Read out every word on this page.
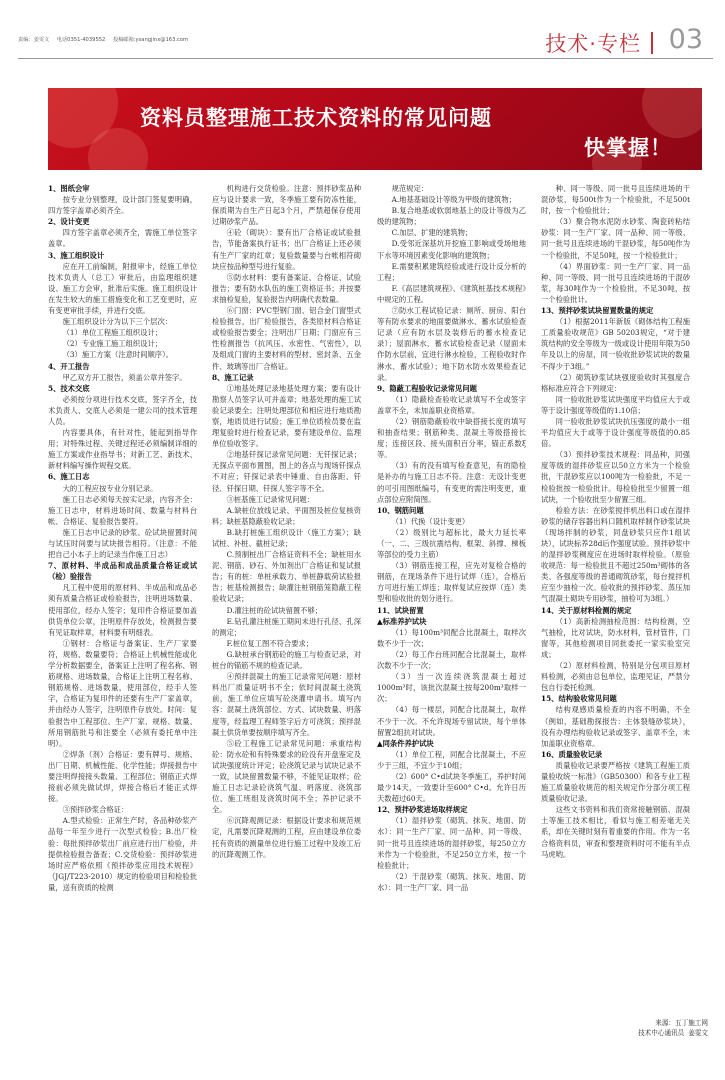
责编：姜雯文 电话0351-4039552 投稿邮箱:ysangjinx@163.com	技术·专栏 03
资料员整理施工技术资料的常见问题
快掌握！

1、图纸会审

按专业分别整理，设计部门签复要明确，四方签字盖章必须齐全。

2、设计变更

四方签字盖章必须齐全，需施工单位签字盖章。

3、施工组织设计

应在开工前编制，附报审卡，经施工单位技术负责人（总工）审批后，由监理组织建设、施工方会审，批准后实施。施工组织设计在发生较大的施工措施变化和工艺变更时，应有变更审批手续，并进行交底。

施工组织设计分为以下三个层次：

（1）单位工程施工组织设计；

（2）专业施工施工组织设计；

（3）施工方案（注意时间顺序）。

4、开工报告

甲乙双方开工报告，须盖公章并签字。

5、技术交底

必须按分项进行技术交底，签字齐全，技术负责人、交底人必须是一建公司的技术管理人员。

内容要具体，有针对性，能起到指导作用；对特殊过程、关键过程还必须编制详细的施工方案或作业指导书；对新工艺、新技术、新材料编写操作规程交底。

6、施工日志

大的工程应按专业分别记录。

施工日志必须每天按实记录，内容齐全：施工日志中，材料进场时间、数量与材料台帐、合格证、复验报告要符。

施工日志中记录的砂浆、砼试块留置时间与试压时间要与试块报告相符。（注意：不能把自己小本子上的记录当作施工日志）

7、原材料、半成品和成品质量合格证或试（检）验报告

凡工程中使用的原材料、半成品和成品必须有质量合格证或检验报告，注明进场数量、使用部位，经办人签字；复印件合格证要加盖供货单位公章，注明原件存放处，检测报告要有见证取样章，材料要有明细表。

①钢材：合格证与备案证、生产厂家要符，规格、数量要符；合格证上机械性能或化学分析数据要全，备案证上注明了程名称、钢筋规格、进场数量，合格证上注明工程名称、钢筋规格、进场数量，使用部位，经手人签字，合格证为复印件的还要有生产厂家盖章，并由经办人签字，注明原件存放处。时间：复验报告中工程部位、生产厂家、规格、数量、所用钢筋批号和注要全（必须有委托单中注明）。

②焊条（剂）合格证：要有牌号、规格、出厂日期、机械性能、化学性能；焊接报告中要注明焊接接头数量、工程部位；钢筋正式焊接前必须先做试焊，焊接合格后才能正式焊接。

③预拌砂浆合格证：

A.型式检验：正常生产时，各品种砂浆产品每一年至少进行一次型式检验；B.出厂检验：每批预拌砂浆出厂前应进行出厂检验，并提供检验报告备查；C.交货检验：预拌砂浆进场时应严格依照《预拌砂浆应用技术规程》（JGJ/T223-2010）规定的检验项目和检验批量，送有资质的检测

机构进行交货检验。注意：预拌砂浆品种应与设计要求一致，冬季施工要有防冻性能，保质期为自生产日起3个月，严禁超保存使用过期砂浆产品。

④砼（砌块）：要有出厂合格证或试验报告，节能备案执行证书；出厂合格证上还必须有生产厂家的红章；复验数量要与台帐相符砌块应按品种型号进行复验。

⑤防水材料：要有备案证、合格证、试验报告；要有防水队伍的施工资格证书；并按要求抽检复验，复验报告内明确代表数量。

⑥门窗：PVC型钢门窗、铝合金门窗型式检验报告，出厂检验报告，各类原材料合格证或检验报告要全；注明出厂日期；门窗应有三性检测报告（抗风压、水密性、气密性），以及组成门窗的主要材料的型材、密封条、五金件、玻璃等出厂合格证。

8、施工记录

①地基处理记录地基处理方案；要有设计勘察人员签字认可并盖章；地基处理的施工试验记录要全；注明处理部位和相应进行地质勘察，地质员进行试验；施工单位质检员要在监理复验时进行检查记录，要有建设单位、监理单位验收签字。

②地基钎探记录常见问题：无钎探记录；无探点平面布置图，图上的各点与现场钎探点不对应；钎探记录表中锤重、自由落距、钎径、钎探日期、钎探人签字等不全。

③桩基施工记录常见问题：

A.缺桩位放线记录、平面图及桩位复核资料；缺桩基隐蔽验收记录；

B.缺打桩施工组织设计（施工方案）；缺试桩、补桩、截桩记录；

C.预制桩出厂合格证资料不全；缺桩用水泥、钢筋、砂石、外加剂出厂合格证和复试报告；有的桩：单桩承载力、单桩静载荷试验报告；桩基检测报告；缺灌注桩钢筋笼隐蔽工程验收记录；

D.灌注桩的砼试块留置不够；

E.钻孔灌注桩施工期间未进行孔径、孔深的测定；

F.桩位复工图不符合要求；

G.缺桩承台钢筋砼的施工与检查记录，对桩台的锚筋不规的检查记录。

④预拌混凝土的施工记录常见问题：原材料出厂质量证明书不全；依时间混凝土浇筑前，施工单位应填写砼浇灌申请书。填写内容：混凝土浇筑部位、方式、试块数量、坍落度等，经监理工程师签字后方可浇筑；预拌混凝土供货单要按顺序填写齐全。

⑤砼工程施工记录常见问题：承重结构砼：防水砼和有特殊要求的砼没有开盘鉴定及试块强度统计评定；砼浇筑记录与试块记录不一致，试块留置数量不够，不能见证取样；砼施工日志记录砼浇筑气温、坍落度、浇筑部位、施工班组及浇筑时间不全；养护记录不全。

⑥沉降观测记录：根据设计要求和规范规定，凡需要沉降观测的工程，应由建设单位委托有资质的测量单位进行施工过程中及竣工后的沉降观测工作。

规范规定：

A.地基基础设计等级为甲级的建筑物；

B.复合地基或软弱地基上的设计等级为乙级的建筑物；

C.加层、扩建的建筑物；

D.受邻近深基坑开挖施工影响或受场地地下水等环境因素变化影响的建筑物；

E.需要积累建筑经验或进行设计反分析的工程；

F.《高层建筑规程》、《建筑桩基技术规程》中规定的工程。

⑦防水工程试验记录：厕所、厨房、阳台等有防水要求的地面要做淋水、蓄水试验检查记录（应有防水层及装修后的蓄水检查记录）；屋面淋水、蓄水试验检查记录（屋面未作防水层前，宜进行淋水检验，工程验收时作淋水、蓄水试验）；地下防水防水效果检查记录。

9、隐蔽工程验收记录常见问题

（1）隐蔽检查验收记录填写不全或签字盖章不全，未加盖职业资格章。

（2）钢筋隐蔽验收中缺搭接长度的填写和抽查结果；钢筋种类、混凝土等级搭接长度；连接区段、接头面积百分率，锚正系数ξ等。

（3）有的没有填写检查意见，有的隐检是补办的与施工日志不符。注意：无设计变更的可引用图纸编号，有变更的需注明变更，重点部位应附简图。

10、钢筋问题

（1）代换（设计变更）

（2）级别比与超标比，最大力延长率（一、二、三级抗震结构、框架、斜撑、梯板等部位的受力主筋）

（3）钢筋连接工程，应先对复检合格的钢筋，在现场条件下进行试焊（连），合格后方可进行施工焊连；取样复试应按焊（连）类型和验收批的划分进行。

11、试块留置

▲标准养护试块

（1）每100m³同配合比混凝土，取样次数不少于一次；

（2）每工作台班同配合比混凝土，取样次数不少于一次；

（3）当一次连续浇筑混凝土超过1000m³时，该批次混凝土按每200m³取样一次；

（4）每一楼层，同配合比混凝土，取样不少于一次。不允许现场专留试块，每个单体留置2组抗对试块。

▲同条件养护试块

（1）单位工程，同配合比混凝土，不应少于三组，不宜少于10组；

（2）600° C•d试块冬季施工，养护时间最少14天，一致要计至600° C•d。允许日历天数超过60天。

12、预拌砂浆进场取样规定

（1）湿拌砂浆（砌筑、抹灰、地面、防水）：同一生产厂家、同一品种、同一等级、同一批号且连续进场的湿拌砂浆，每250立方米作为一个检验批，不足250立方米，按一个检验批计；

（2）干混砂浆（砌筑、抹灰、地面、防水）：同一生产厂家、同一品

种、同一等级、同一批号且连续进场的干混砂浆，每500t作为一个检验批，不足500t时，按一个检验批计；

（3）聚合物水泥防水砂浆、陶瓷砖粘结砂浆：同一生产厂家、同一品种、同一等级、同一批号且连续进场的干混砂浆，每50吨作为一个检验批，不足50吨，按一个检验批计；

（4）界面砂浆：同一生产厂家、同一品种、同一等级、同一批号且连续进场的干混砂浆，每30吨作为一个检验批，不足30吨，按一个检验批计。

13、预拌砂浆试块留置数量的规定

（1）根据2011年新版《砌体结构工程施工质量验收规范》GB 50203规定，“对于建筑结构的安全等级为一级或设计使用年限为50年及以上的房屋，同一验收批砂浆试块的数量不得少于3组。”

（2）砌筑砂浆试块强度验收时其强度合格标准应符合下列规定：

同一验收批砂浆试块强度平均值应大于或等于设计强度等级值的1.10倍；

同一验收批砂浆试块抗压强度的最小一组平均值应大于或等于设计强度等级值的0.85倍。

（3）预拌砂浆技术规程：同品种，同强度等级的湿拌砂浆应以50立方米为一个检验批，干混砂浆应以100吨为一检验批，不足一检验批按一检验批计。每检验批至少留置一组试块，一个验收批至少留置三组。

检验方法：在砂浆搅拌机出料口或在湿拌砂浆的储存容器出料口随机取样制作砂浆试块（现场拌制的砂浆，同盘砂浆只应作1组试块），试块标养28d后作强度试验。预拌砂浆中的湿拌砂浆稠度应在进场时取样检验。（原验收规范：每一检验批且不超过250m³砌体的各类、各强度等级的普通砌筑砂浆，每台搅拌机应至少抽检一次。验收批的预拌砂浆、蒸压加气混凝土砌块专用砂浆，抽检可为3组。）

14、关于原材料检测的规定

（1）高新检测抽检范围：结构检测，空气抽检，比对试块，防水材料，管材管件，门窗等，其他检测项目同批委托一家实验室完成；

（2）原材料检测，特别是分包项目原材料检测，必须由总包单位，监理见证，严禁分包自行委托检测。

15、结构验收常见问题

结构观感质量检查的内容不明确，不全（例如，基础勘探报告：主体裂缝砂浆块），没有办理结构验收记录或签字、盖章不全，未加盖职业资格章。

16、质量验收记录

质量验收记录要严格按《建筑工程施工质量验收统一标准》（GB50300）和各专业工程施工质量验收规范的相关规定作分部分项工程质量验收记录。

这些文书资料和我们资常接触钢筋、混凝土等施工技术相比，看似与施工相差毫无关系，却在关键时刻有着重要的作用。作为一名合格资料员，审查和整理资料时可不能有半点马虎哟。

来源：五丁施工网
技术中心通讯员 姜雯文
